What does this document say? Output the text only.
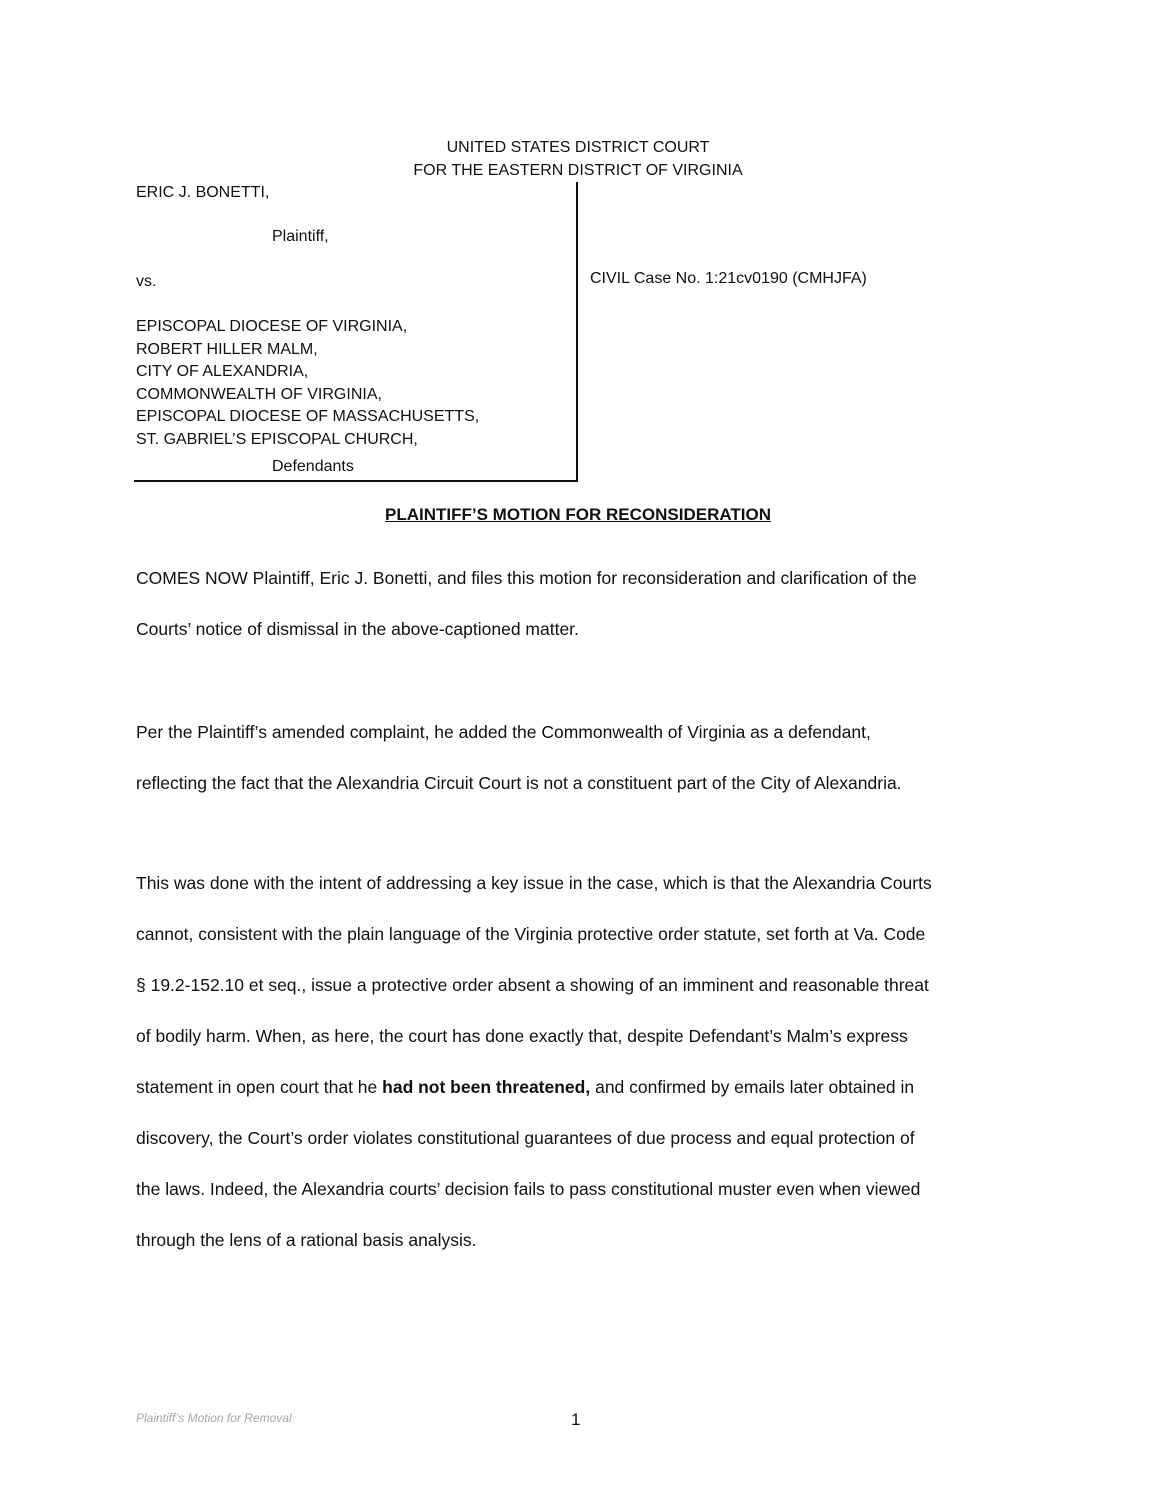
UNITED STATES DISTRICT COURT
FOR THE EASTERN DISTRICT OF VIRGINIA
ERIC J. BONETTI,
Plaintiff,
vs.
EPISCOPAL DIOCESE OF VIRGINIA,
ROBERT HILLER MALM,
CITY OF ALEXANDRIA,
COMMONWEALTH OF VIRGINIA,
EPISCOPAL DIOCESE OF MASSACHUSETTS,
ST. GABRIEL’S EPISCOPAL CHURCH,
Defendants
CIVIL Case No. 1:21cv0190 (CMHJFA)
PLAINTIFF’S MOTION FOR RECONSIDERATION
COMES NOW Plaintiff, Eric J. Bonetti, and files this motion for reconsideration and clarification of the
Courts’ notice of dismissal in the above-captioned matter.
Per the Plaintiff’s amended complaint, he added the Commonwealth of Virginia as a defendant,
reflecting the fact that the Alexandria Circuit Court is not a constituent part of the City of Alexandria.
This was done with the intent of addressing a key issue in the case, which is that the Alexandria Courts
cannot, consistent with the plain language of the Virginia protective order statute, set forth at Va. Code
§ 19.2-152.10 et seq., issue a protective order absent a showing of an imminent and reasonable threat
of bodily harm. When, as here, the court has done exactly that, despite Defendant’s Malm’s express
statement in open court that he had not been threatened, and confirmed by emails later obtained in
discovery, the Court’s order violates constitutional guarantees of due process and equal protection of
the laws. Indeed, the Alexandria courts’ decision fails to pass constitutional muster even when viewed
through the lens of a rational basis analysis.
Plaintiff’s Motion for Removal	1
